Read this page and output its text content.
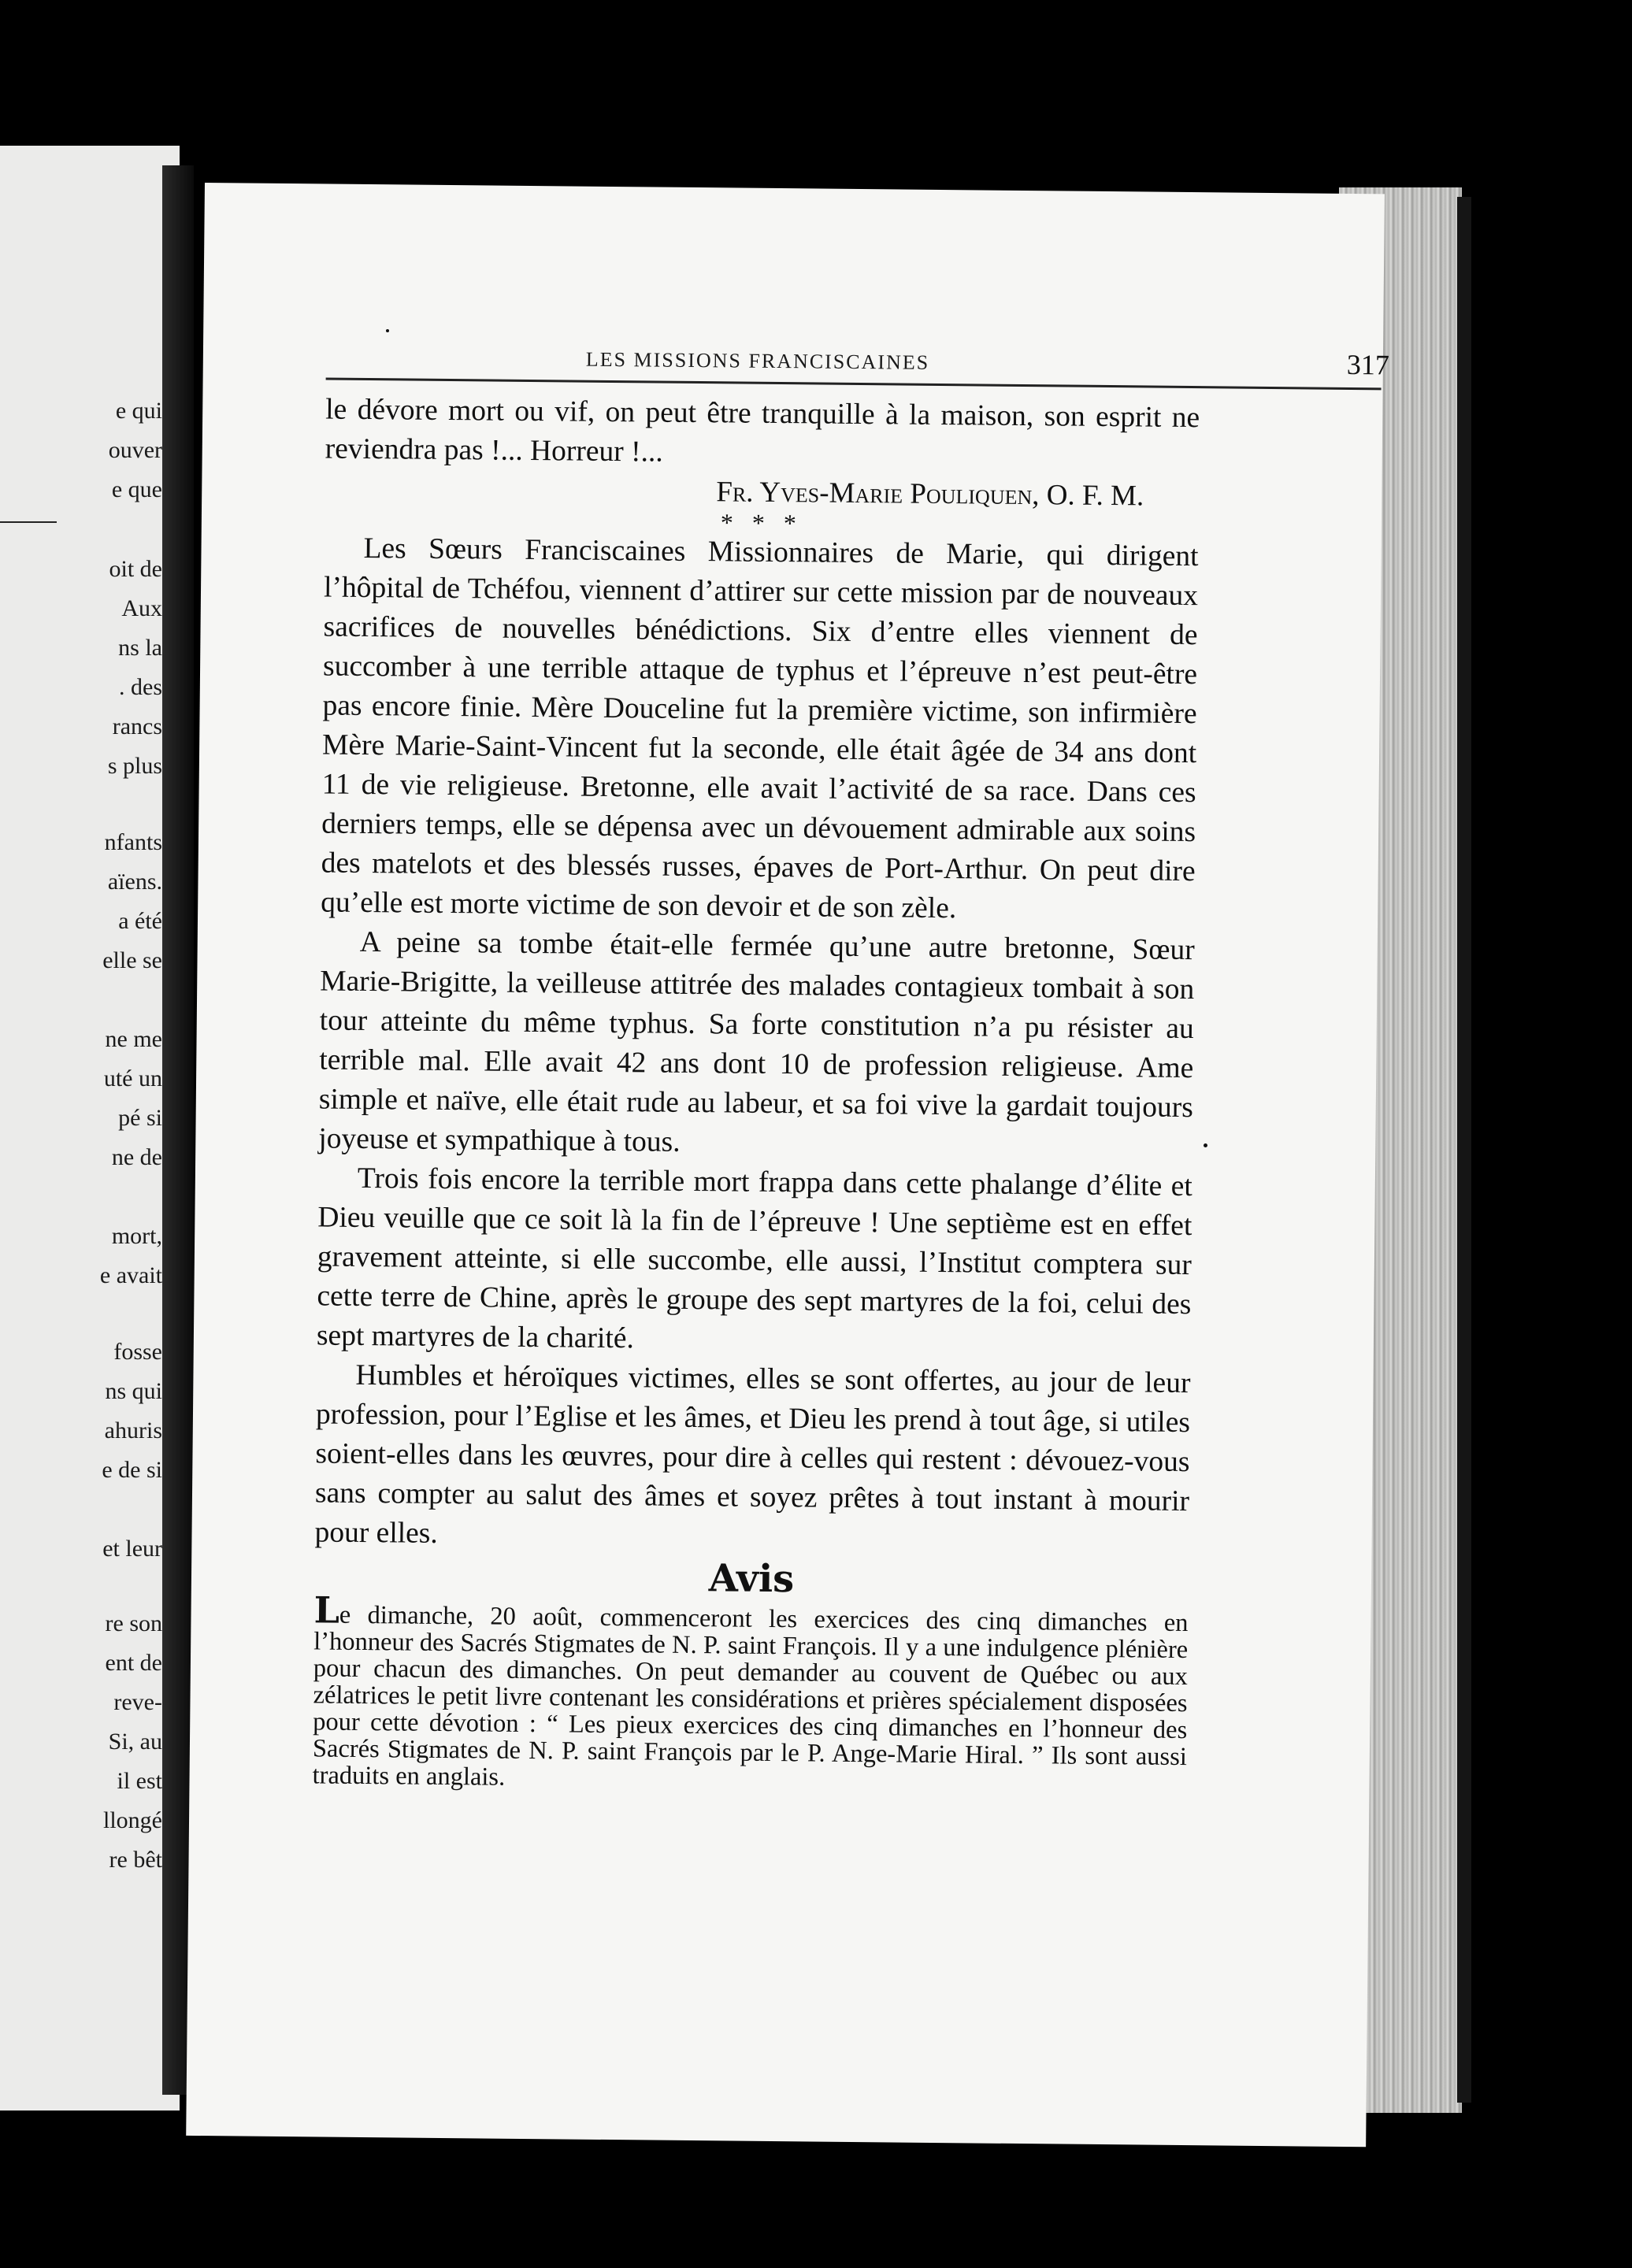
e qui
ouver
e que
oit de
Aux
ns la
. des
rancs
s plus
nfants
aïens.
a été
elle se
ne me
uté un
pé si
ne de
mort,
e avait
fosse
ns qui
ahuris
e de si
et leur
re son
ent de
reve-
Si, au
il est
llongé
re bêt
LES MISSIONS FRANCISCAINES	317

le dévore mort ou vif, on peut être tranquille à la maison, son esprit ne reviendra pas !... Horreur !...

Fr. Yves-Marie Pouliquen, O. F. M.

* * *

Les Sœurs Franciscaines Missionnaires de Marie, qui dirigent l’hôpital de Tchéfou, viennent d’attirer sur cette mission par de nouveaux sacrifices de nouvelles bénédictions. Six d’entre elles viennent de succomber à une terrible attaque de typhus et l’épreuve n’est peut-être pas encore finie. Mère Douceline fut la première victime, son infirmière Mère Marie-Saint-Vincent fut la seconde, elle était âgée de 34 ans dont 11 de vie religieuse. Bretonne, elle avait l’activité de sa race. Dans ces derniers temps, elle se dépensa avec un dévouement admirable aux soins des matelots et des blessés russes, épaves de Port-Arthur. On peut dire qu’elle est morte victime de son devoir et de son zèle.

A peine sa tombe était-elle fermée qu’une autre bretonne, Sœur Marie-Brigitte, la veilleuse attitrée des malades contagieux tombait à son tour atteinte du même typhus. Sa forte constitution n’a pu résister au terrible mal. Elle avait 42 ans dont 10 de profession religieuse. Ame simple et naïve, elle était rude au labeur, et sa foi vive la gardait toujours joyeuse et sympathique à tous.

Trois fois encore la terrible mort frappa dans cette phalange d’élite et Dieu veuille que ce soit là la fin de l’épreuve ! Une septième est en effet gravement atteinte, si elle succombe, elle aussi, l’Institut comptera sur cette terre de Chine, après le groupe des sept martyres de la foi, celui des sept martyres de la charité.

Humbles et héroïques victimes, elles se sont offertes, au jour de leur profession, pour l’Eglise et les âmes, et Dieu les prend à tout âge, si utiles soient-elles dans les œuvres, pour dire à celles qui restent : dévouez-vous sans compter au salut des âmes et soyez prêtes à tout instant à mourir pour elles.

Avis

Le dimanche, 20 août, commenceront les exercices des cinq dimanches en l’honneur des Sacrés Stigmates de N. P. saint François. Il y a une indulgence plénière pour chacun des dimanches. On peut demander au couvent de Québec ou aux zélatrices le petit livre contenant les considérations et prières spécialement disposées pour cette dévotion : “ Les pieux exercices des cinq dimanches en l’honneur des Sacrés Stigmates de N. P. saint François par le P. Ange-Marie Hiral. ” Ils sont aussi traduits en anglais.
